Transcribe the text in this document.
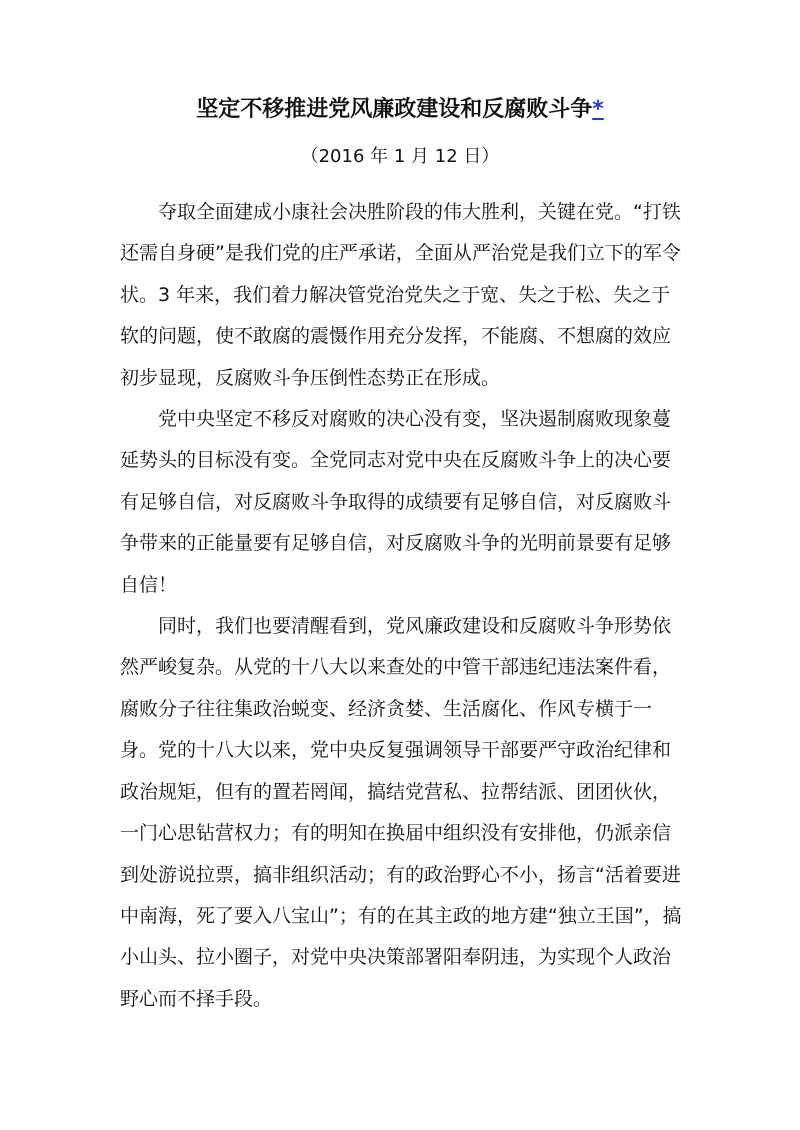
坚定不移推进党风廉政建设和反腐败斗争*
（2016 年 1 月 12 日）
夺取全面建成小康社会决胜阶段的伟大胜利，关键在党。“打铁
还需自身硬”是我们党的庄严承诺，全面从严治党是我们立下的军令
状。3 年来，我们着力解决管党治党失之于宽、失之于松、失之于
软的问题，使不敢腐的震慑作用充分发挥，不能腐、不想腐的效应
初步显现，反腐败斗争压倒性态势正在形成。
党中央坚定不移反对腐败的决心没有变，坚决遏制腐败现象蔓
延势头的目标没有变。全党同志对党中央在反腐败斗争上的决心要
有足够自信，对反腐败斗争取得的成绩要有足够自信，对反腐败斗
争带来的正能量要有足够自信，对反腐败斗争的光明前景要有足够
自信！
同时，我们也要清醒看到，党风廉政建设和反腐败斗争形势依
然严峻复杂。从党的十八大以来查处的中管干部违纪违法案件看，
腐败分子往往集政治蜕变、经济贪婪、生活腐化、作风专横于一
身。党的十八大以来，党中央反复强调领导干部要严守政治纪律和
政治规矩，但有的置若罔闻，搞结党营私、拉帮结派、团团伙伙，
一门心思钻营权力；有的明知在换届中组织没有安排他，仍派亲信
到处游说拉票，搞非组织活动；有的政治野心不小，扬言“活着要进
中南海，死了要入八宝山”；有的在其主政的地方建“独立王国”，搞
小山头、拉小圈子，对党中央决策部署阳奉阴违，为实现个人政治
野心而不择手段。
